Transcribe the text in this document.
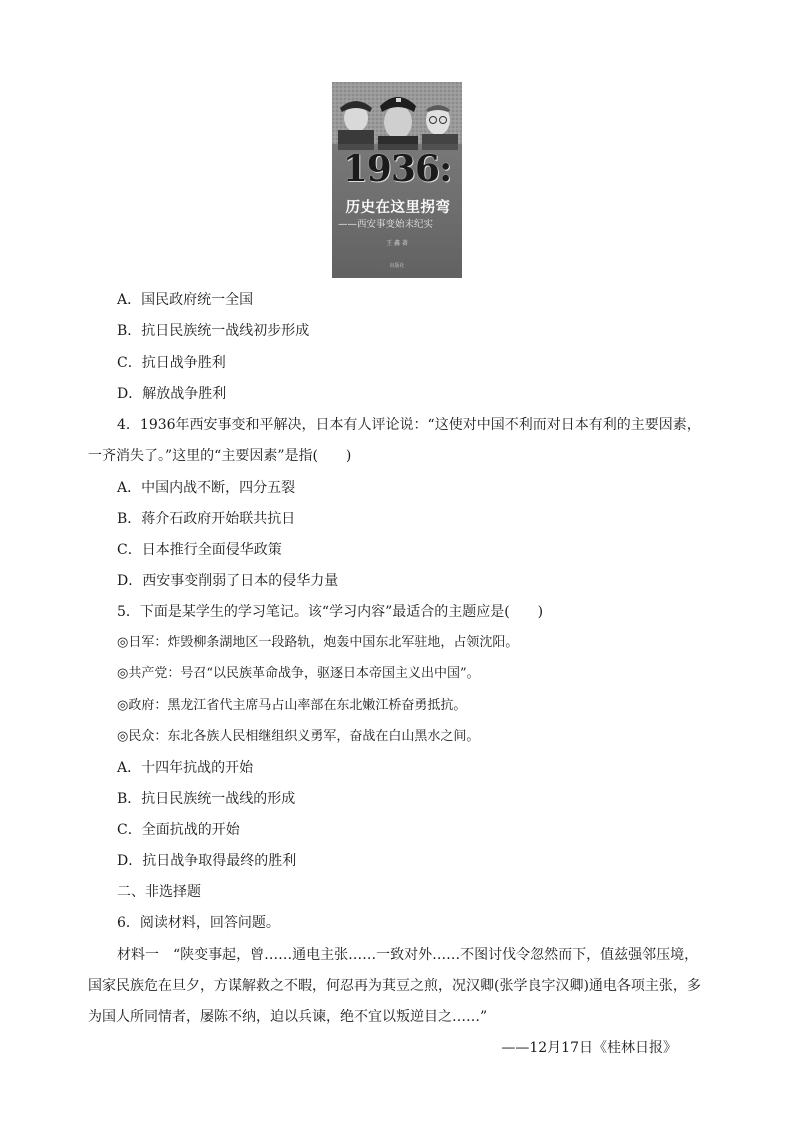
1936:
历史在这里拐弯
——西安事变始末纪实
王 鑫 著
出版社
A．国民政府统一全国
B．抗日民族统一战线初步形成
C．抗日战争胜利
D．解放战争胜利
4．1936年西安事变和平解决，日本有人评论说：“这使对中国不利而对日本有利的主要因素，
一齐消失了。”这里的“主要因素”是指(　　)
A．中国内战不断，四分五裂
B．蒋介石政府开始联共抗日
C．日本推行全面侵华政策
D．西安事变削弱了日本的侵华力量
5．下面是某学生的学习笔记。该“学习内容”最适合的主题应是(　　)
◎日军：炸毁柳条湖地区一段路轨，炮轰中国东北军驻地，占领沈阳。
◎共产党：号召“以民族革命战争，驱逐日本帝国主义出中国”。
◎政府：黑龙江省代主席马占山率部在东北嫩江桥奋勇抵抗。
◎民众：东北各族人民相继组织义勇军，奋战在白山黑水之间。
A．十四年抗战的开始
B．抗日民族统一战线的形成
C．全面抗战的开始
D．抗日战争取得最终的胜利
二、非选择题
6．阅读材料，回答问题。
材料一　“陕变事起，曾……通电主张……一致对外……不图讨伐令忽然而下，值兹强邻压境，
国家民族危在旦夕，方谋解救之不暇，何忍再为萁豆之煎，况汉卿(张学良字汉卿)通电各项主张，多
为国人所同情者，屡陈不纳，迫以兵谏，绝不宜以叛逆目之……”
——12月17日《桂林日报》
